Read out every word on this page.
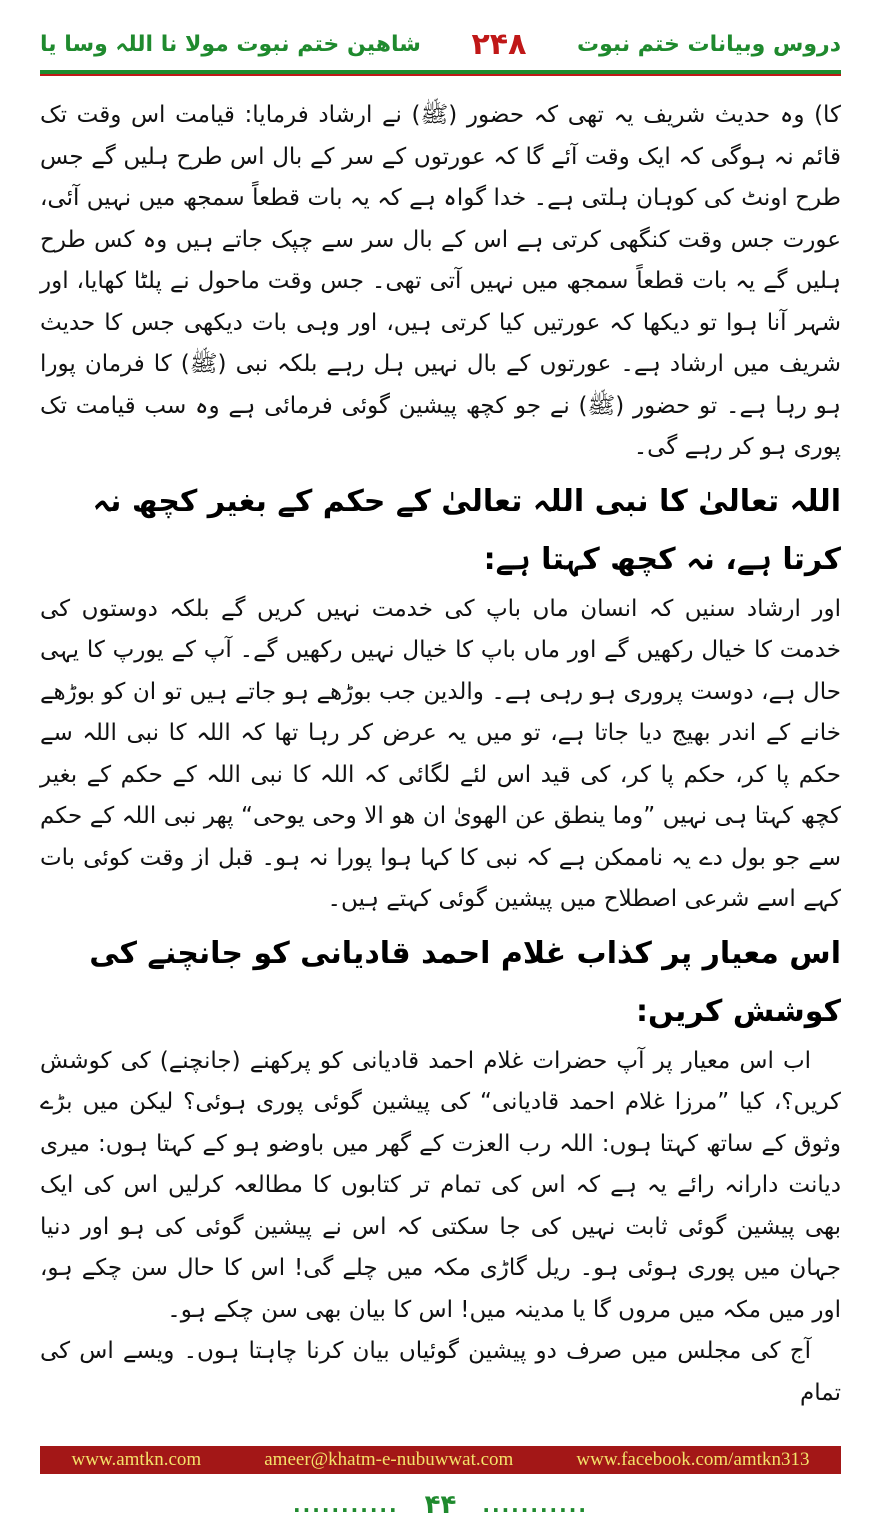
دروس وبیانات ختم نبوت
۲۴۸
شاهین ختم نبوت مولا نا اللہ وسا یا

کا) وہ حدیث شریف یہ تھی کہ حضور (ﷺ) نے ارشاد فرمایا: قیامت اس وقت تک قائم نہ ہوگی کہ ایک وقت آئے گا کہ عورتوں کے سر کے بال اس طرح ہلیں گے جس طرح اونٹ کی کوہان ہلتی ہے۔ خدا گواہ ہے کہ یہ بات قطعاً سمجھ میں نہیں آئی، عورت جس وقت کنگھی کرتی ہے اس کے بال سر سے چپک جاتے ہیں وہ کس طرح ہلیں گے یہ بات قطعاً سمجھ میں نہیں آتی تھی۔ جس وقت ماحول نے پلٹا کھایا، اور شہر آنا ہوا تو دیکھا کہ عورتیں کیا کرتی ہیں، اور وہی بات دیکھی جس کا حدیث شریف میں ارشاد ہے۔ عورتوں کے بال نہیں ہل رہے بلکہ نبی (ﷺ) کا فرمان پورا ہو رہا ہے۔ تو حضور (ﷺ) نے جو کچھ پیشین گوئی فرمائی ہے وہ سب قیامت تک پوری ہو کر رہے گی۔

اللہ تعالیٰ کا نبی اللہ تعالیٰ کے حکم کے بغیر کچھ نہ کرتا ہے، نہ کچھ کہتا ہے:

اور ارشاد سنیں کہ انسان ماں باپ کی خدمت نہیں کریں گے بلکہ دوستوں کی خدمت کا خیال رکھیں گے اور ماں باپ کا خیال نہیں رکھیں گے۔ آپ کے یورپ کا یہی حال ہے، دوست پروری ہو رہی ہے۔ والدین جب بوڑھے ہو جاتے ہیں تو ان کو بوڑھے خانے کے اندر بھیج دیا جاتا ہے، تو میں یہ عرض کر رہا تھا کہ اللہ کا نبی اللہ سے حکم پا کر، حکم پا کر، کی قید اس لئے لگائی کہ اللہ کا نبی اللہ کے حکم کے بغیر کچھ کہتا ہی نہیں ”وما ینطق عن الھویٰ ان ھو الا وحی یوحی“ پھر نبی اللہ کے حکم سے جو بول دے یہ ناممکن ہے کہ نبی کا کہا ہوا پورا نہ ہو۔ قبل از وقت کوئی بات کہے اسے شرعی اصطلاح میں پیشین گوئی کہتے ہیں۔

اس معیار پر کذاب غلام احمد قادیانی کو جانچنے کی کوشش کریں:

اب اس معیار پر آپ حضرات غلام احمد قادیانی کو پرکھنے (جانچنے) کی کوشش کریں؟، کیا ”مرزا غلام احمد قادیانی“ کی پیشین گوئی پوری ہوئی؟ لیکن میں بڑے وثوق کے ساتھ کہتا ہوں: اللہ رب العزت کے گھر میں باوضو ہو کے کہتا ہوں: میری دیانت دارانہ رائے یہ ہے کہ اس کی تمام تر کتابوں کا مطالعہ کرلیں اس کی ایک بھی پیشین گوئی ثابت نہیں کی جا سکتی کہ اس نے پیشین گوئی کی ہو اور دنیا جہان میں پوری ہوئی ہو۔ ریل گاڑی مکہ میں چلے گی! اس کا حال سن چکے ہو، اور میں مکہ میں مروں گا یا مدینہ میں! اس کا بیان بھی سن چکے ہو۔

آج کی مجلس میں صرف دو پیشین گوئیاں بیان کرنا چاہتا ہوں۔ ویسے اس کی تمام

www.amtkn.com	ameer@khatm-e-nubuwwat.com	www.facebook.com/amtkn313
........... ۴۴ ...........
